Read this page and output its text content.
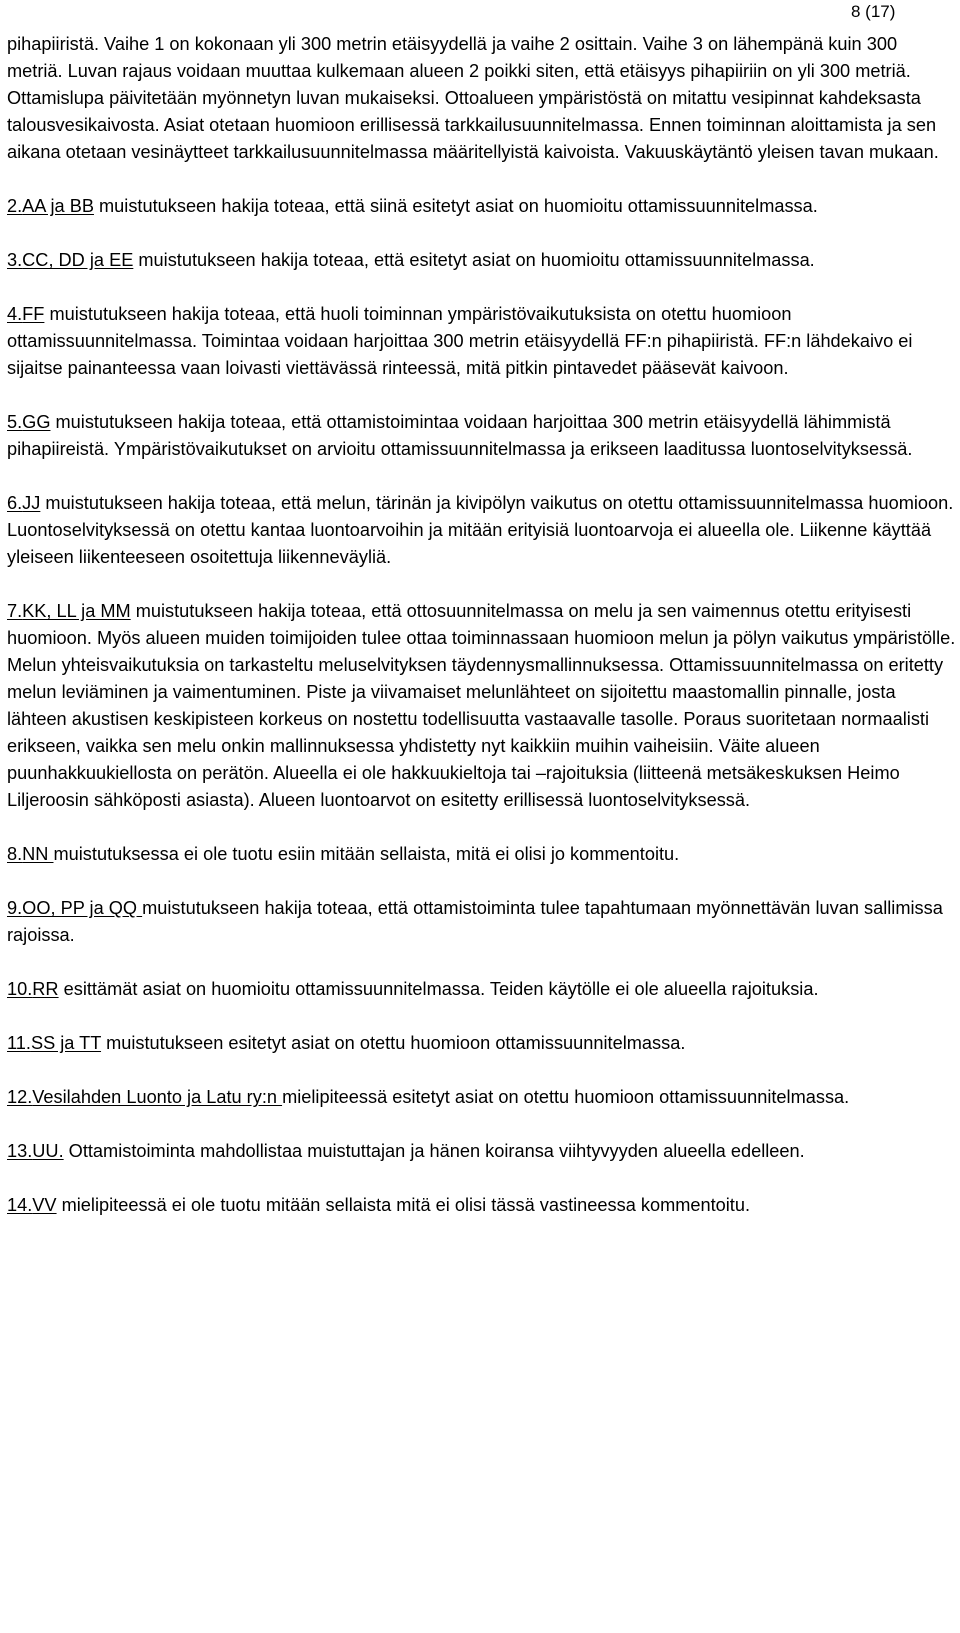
8 (17)

pihapiiristä. Vaihe 1 on kokonaan yli 300 metrin etäisyydellä ja vaihe 2 osittain. Vaihe 3 on lähempänä kuin 300 metriä. Luvan rajaus voidaan muuttaa kulkemaan alueen 2 poikki siten, että etäisyys pihapiiriin on yli 300 metriä. Ottamislupa päivitetään myönnetyn luvan mukaiseksi. Ottoalueen ympäristöstä on mitattu vesipinnat kahdeksasta talousvesikaivosta. Asiat otetaan huomioon erillisessä tarkkailusuunnitelmassa. Ennen toiminnan aloittamista ja sen aikana otetaan vesinäytteet tarkkailusuunnitelmassa määritellyistä kaivoista. Vakuuskäytäntö yleisen tavan mukaan.

2.AA ja BB muistutukseen hakija toteaa, että siinä esitetyt asiat on huomioitu ottamissuunnitelmassa.

3.CC, DD ja EE muistutukseen hakija toteaa, että esitetyt asiat on huomioitu ottamissuunnitelmassa.

4.FF muistutukseen hakija toteaa, että huoli toiminnan ympäristövaikutuksista on otettu huomioon ottamissuunnitelmassa. Toimintaa voidaan harjoittaa 300 metrin etäisyydellä FF:n pihapiiristä. FF:n lähdekaivo ei sijaitse painanteessa vaan loivasti viettävässä rinteessä, mitä pitkin pintavedet pääsevät kaivoon.

5.GG muistutukseen hakija toteaa, että ottamistoimintaa voidaan harjoittaa 300 metrin etäisyydellä lähimmistä pihapiireistä. Ympäristövaikutukset on arvioitu ottamissuunnitelmassa ja erikseen laaditussa luontoselvityksessä.

6.JJ muistutukseen hakija toteaa, että melun, tärinän ja kivipölyn vaikutus on otettu ottamissuunnitelmassa huomioon. Luontoselvityksessä on otettu kantaa luontoarvoihin ja mitään erityisiä luontoarvoja ei alueella ole. Liikenne käyttää yleiseen liikenteeseen osoitettuja liikenneväyliä.

7.KK, LL ja MM muistutukseen hakija toteaa, että ottosuunnitelmassa on melu ja sen vaimennus otettu erityisesti huomioon. Myös alueen muiden toimijoiden tulee ottaa toiminnassaan huomioon melun ja pölyn vaikutus ympäristölle. Melun yhteisvaikutuksia on tarkasteltu meluselvityksen täydennysmallinnuksessa. Ottamissuunnitelmassa on eritetty melun leviäminen ja vaimentuminen. Piste ja viivamaiset melunlähteet on sijoitettu maastomallin pinnalle, josta lähteen akustisen keskipisteen korkeus on nostettu todellisuutta vastaavalle tasolle. Poraus suoritetaan normaalisti erikseen, vaikka sen melu onkin mallinnuksessa yhdistetty nyt kaikkiin muihin vaiheisiin. Väite alueen puunhakkuukiellosta on perätön. Alueella ei ole hakkuukieltoja tai –rajoituksia (liitteenä metsäkeskuksen Heimo Liljeroosin sähköposti asiasta). Alueen luontoarvot on esitetty erillisessä luontoselvityksessä.

8.NN muistutuksessa ei ole tuotu esiin mitään sellaista, mitä ei olisi jo kommentoitu.

9.OO, PP ja QQ muistutukseen hakija toteaa, että ottamistoiminta tulee tapahtumaan myönnettävän luvan sallimissa rajoissa.

10.RR esittämät asiat on huomioitu ottamissuunnitelmassa. Teiden käytölle ei ole alueella rajoituksia.

11.SS ja TT muistutukseen esitetyt asiat on otettu huomioon ottamissuunnitelmassa.

12.Vesilahden Luonto ja Latu ry:n mielipiteessä esitetyt asiat on otettu huomioon ottamissuunnitelmassa.

13.UU. Ottamistoiminta mahdollistaa muistuttajan ja hänen koiransa viihtyvyyden alueella edelleen.

14.VV mielipiteessä ei ole tuotu mitään sellaista mitä ei olisi tässä vastineessa kommentoitu.
